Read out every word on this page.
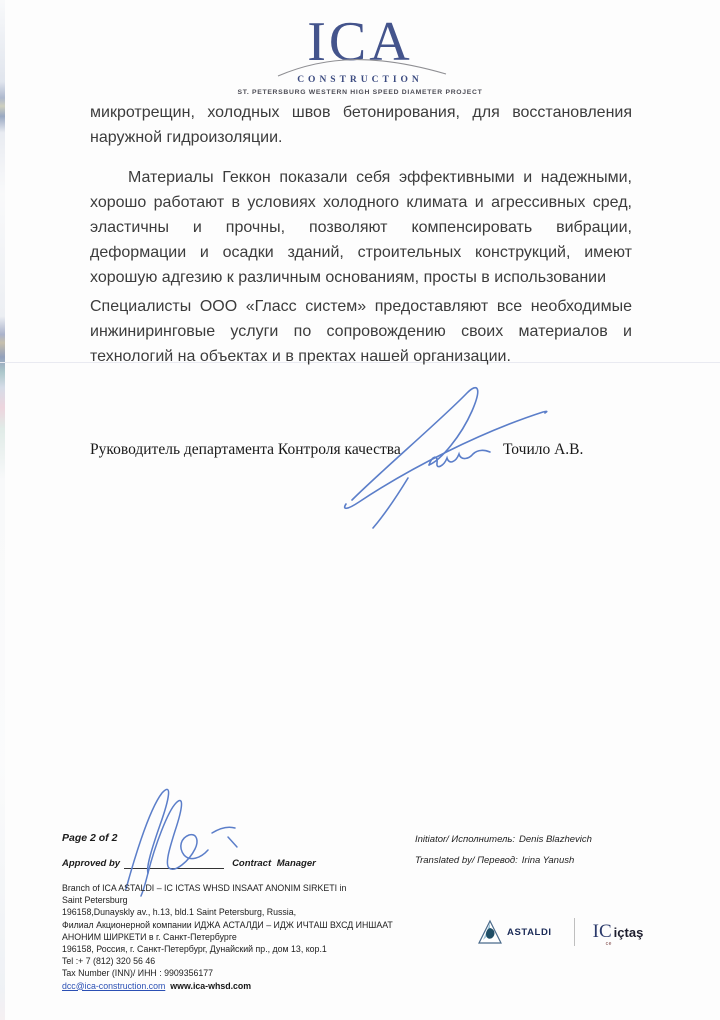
ICA
CONSTRUCTION
ST. PETERSBURG WESTERN HIGH SPEED DIAMETER PROJECT

микротрещин, холодных швов бетонирования, для восстановления наружной гидроизоляции.

Материалы Геккон показали себя эффективными и надежными, хорошо работают в условиях холодного климата и агрессивных сред, эластичны и прочны, позволяют компенсировать вибрации, деформации и осадки зданий, строительных конструкций, имеют хорошую адгезию к различным основаниям, просты в использовании

Специалисты ООО «Гласс систем» предоставляют все необходимые инжиниринговые услуги по сопровождению своих материалов и технологий на объектах и в пректах нашей организации.

Руководитель департамента Контроля качества	Точило А.В.
Page 2 of 2
Approved by	Contract Manager
Initiator/ Исполнитель: Denis Blazhevich
Translated by/ Перевод: Irina Yanush
Branch of ICA ASTALDI – IC ICTAS WHSD INSAAT ANONIM SIRKETI in
Saint Petersburg
196158,Dunayskly av., h.13, bld.1 Saint Petersburg, Russia,
Филиал Акционерной компании ИДЖА АСТАЛДИ – ИДЖ ИЧТАШ ВХСД ИНШААТ
АНОНИМ ШИРКЕТИ в г. Санкт-Петербурге
196158, Россия, г. Санкт-Петербург, Дунайский пр., дом 13, кор.1
Tel :+ 7 (812) 320 56 46
Tax Number (INN)/ ИНН : 9909356177
dcc@ica-construction.com www.ica-whsd.com
ASTALDI IC
ce
içtaş
